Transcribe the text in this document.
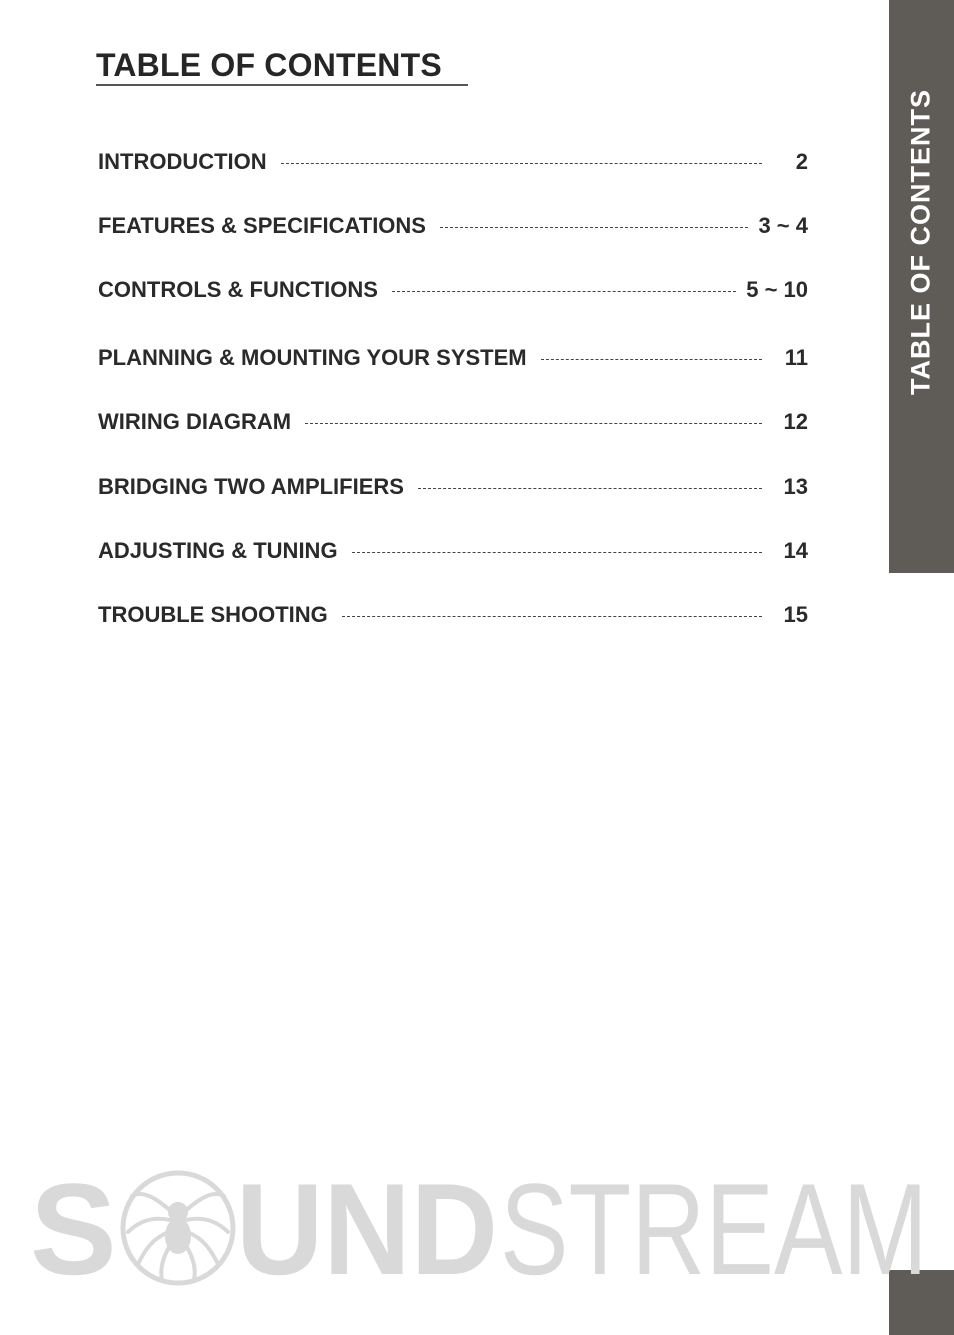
TABLE OF CONTENTS
INTRODUCTION	2
FEATURES & SPECIFICATIONS	3 ~ 4
CONTROLS & FUNCTIONS	5 ~ 10
PLANNING & MOUNTING YOUR SYSTEM	11
WIRING DIAGRAM	12
BRIDGING TWO AMPLIFIERS	13
ADJUSTING & TUNING	14
TROUBLE SHOOTING	15
TABLE OF CONTENTS
S UND STREAM
